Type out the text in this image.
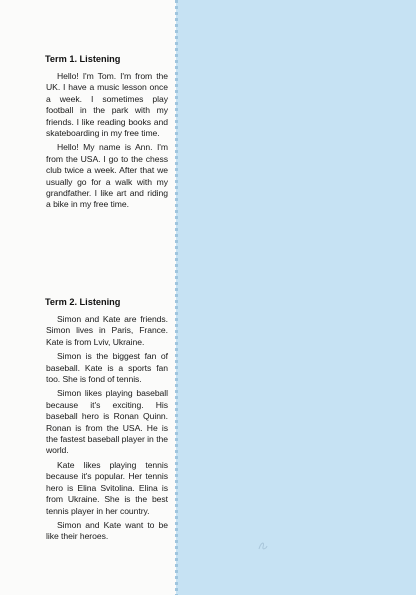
Term 1. Listening

Hello! I'm Tom. I'm from the UK. I have a music lesson once a week. I sometimes play football in the park with my friends. I like reading books and skateboarding in my free time.

Hello! My name is Ann. I'm from the USA. I go to the chess club twice a week. After that we usually go for a walk with my grandfather. I like art and riding a bike in my free time.

Term 2. Listening

Simon and Kate are friends. Simon lives in Paris, France. Kate is from Lviv, Ukraine.

Simon is the biggest fan of baseball. Kate is a sports fan too. She is fond of tennis.

Simon likes playing baseball because it's exciting. His baseball hero is Ronan Quinn. Ronan is from the USA. He is the fastest baseball player in the world.

Kate likes playing tennis because it's popular. Her tennis hero is Elina Svitolina. Elina is from Ukraine. She is the best tennis player in her country.

Simon and Kate want to be like their heroes.
